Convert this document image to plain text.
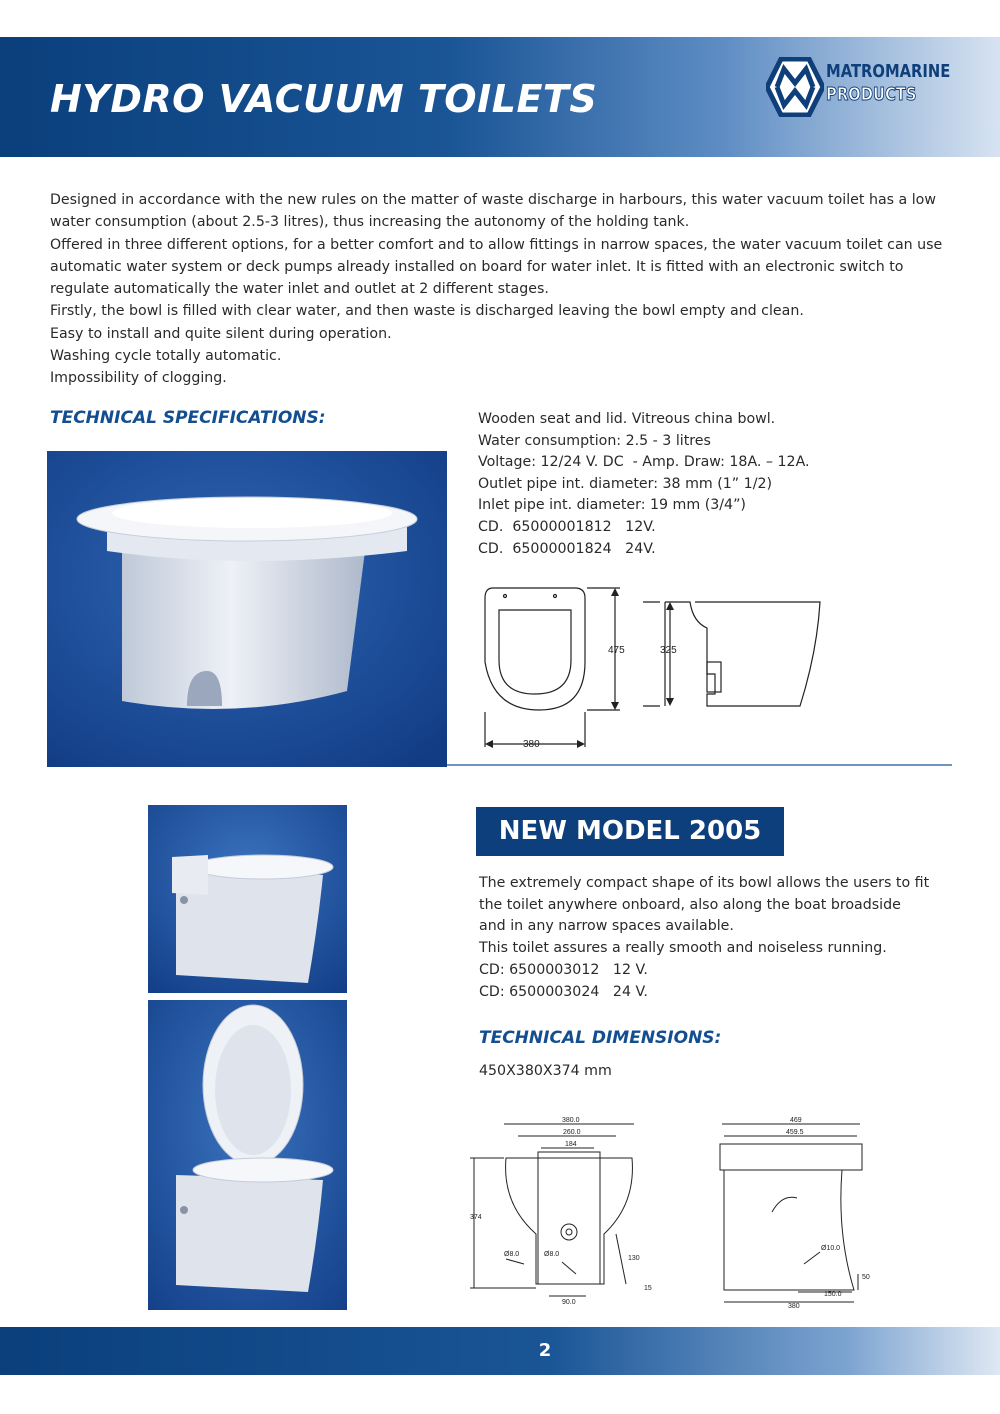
HYDRO VACUUM TOILETS
MATROMARINE
PRODUCTS

Designed in accordance with the new rules on the matter of waste discharge in harbours, this water vacuum toilet has a low water consumption (about 2.5-3 litres), thus increasing the autonomy of the holding tank.

Offered in three different options, for a better comfort and to allow fittings in narrow spaces, the water vacuum toilet can use automatic water system or deck pumps already installed on board for water inlet. It is fitted with an electronic switch to regulate automatically the water inlet and outlet at 2 different stages.

Firstly, the bowl is filled with clear water, and then waste is discharged leaving the bowl empty and clean.

Easy to install and quite silent during operation.

Washing cycle totally automatic.

Impossibility of clogging.

TECHNICAL SPECIFICATIONS:	Wooden seat and lid. Vitreous china bowl.
Water consumption: 2.5 - 3 litres
Voltage: 12/24 V. DC  - Amp. Draw: 18A. – 12A.
Outlet pipe int. diameter: 38 mm (1” 1/2)
Inlet pipe int. diameter: 19 mm (3/4”)
CD.  65000001812   12V.
CD.  65000001824   24V.
475	325
380
NEW MODEL 2005
The extremely compact shape of its bowl allows the users to fit
the toilet anywhere onboard, also along the boat broadside
and in any narrow spaces available.
This toilet assures a really smooth and noiseless running.
CD: 6500003012   12 V.
CD: 6500003024   24 V.
TECHNICAL DIMENSIONS:

450X380X374 mm

380.0
260.0
184
374
Ø8.0	Ø8.0
130
15
90.0
469
459.5
Ø10.0
50
150.0
380
2
